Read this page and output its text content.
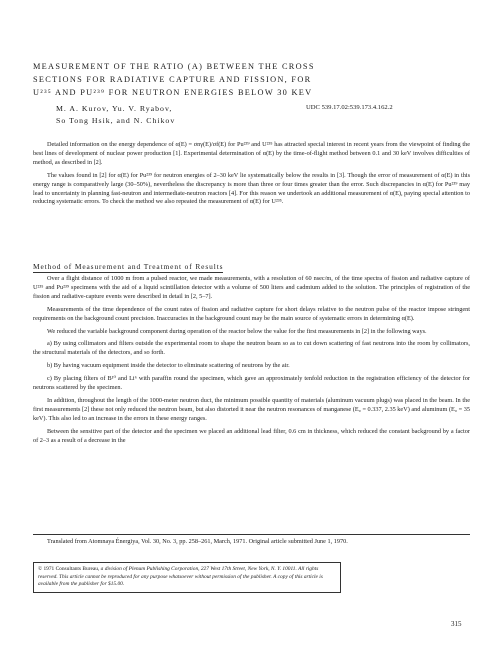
MEASUREMENT OF THE RATIO (Α) BETWEEN THE CROSS
SECTIONS FOR RADIATIVE CAPTURE AND FISSION, FOR
U²³⁵ AND PU²³⁹ FOR NEUTRON ENERGIES BELOW 30 KEV
M. A. Kurov, Yu. V. Ryabov,
So Tong Hsik, and N. Chikov
UDC 539.17.02:539.173.4.162.2

Detailed information on the energy dependence of α(E) = σnγ(E)/σf(E) for Pu²³⁹ and U²³⁵ has attracted special interest in recent years from the viewpoint of finding the best lines of development of nuclear power production [1]. Experimental determination of α(E) by the time-of-flight method between 0.1 and 30 keV involves difficulties of method, as described in [2].

The values found in [2] for α(E) for Pu²³⁹ for neutron energies of 2–30 keV lie systematically below the results in [3]. Though the error of measurement of α(E) in this energy range is comparatively large (30–50%), nevertheless the discrepancy is more than three or four times greater than the error. Such discrepancies in α(E) for Pu²³⁹ may lead to uncertainty in planning fast-neutron and intermediate-neutron reactors [4]. For this reason we undertook an additional measurement of α(E), paying special attention to reducing systematic errors. To check the method we also repeated the measurement of α(E) for U²³⁵.

Method of Measurement and Treatment of Results

Over a flight distance of 1000 m from a pulsed reactor, we made measurements, with a resolution of 60 nsec/m, of the time spectra of fission and radiative capture of U²³⁵ and Pu²³⁹ specimens with the aid of a liquid scintillation detector with a volume of 500 liters and cadmium added to the solution. The principles of registration of the fission and radiative-capture events were described in detail in [2, 5–7].

Measurements of the time dependence of the count rates of fission and radiative capture for short delays relative to the neutron pulse of the reactor impose stringent requirements on the background count precision. Inaccuracies in the background count may be the main source of systematic errors in determining α(E).

We reduced the variable background component during operation of the reactor below the value for the first measurements in [2] in the following ways.

a) By using collimators and filters outside the experimental room to shape the neutron beam so as to cut down scattering of fast neutrons into the room by collimators, the structural materials of the detectors, and so forth.

b) By having vacuum equipment inside the detector to eliminate scattering of neutrons by the air.

c) By placing filters of B¹⁰ and Li⁶ with paraffin round the specimen, which gave an approximately tenfold reduction in the registration efficiency of the detector for neutrons scattered by the specimen.

In addition, throughout the length of the 1000-meter neutron duct, the minimum possible quantity of materials (aluminum vacuum plugs) was placed in the beam. In the first measurements [2] these not only reduced the neutron beam, but also distorted it near the neutron resonances of manganese (E₀ = 0.337, 2.35 keV) and aluminum (E₀ = 35 keV). This also led to an increase in the errors in these energy ranges.

Between the sensitive part of the detector and the specimen we placed an additional lead filter, 0.6 cm in thickness, which reduced the constant background by a factor of 2–3 as a result of a decrease in the

Translated from Atomnaya Énergiya, Vol. 30, No. 3, pp. 258–261, March, 1971. Original article submitted June 1, 1970.
© 1971 Consultants Bureau, a division of Plenum Publishing Corporation, 227 West 17th Street, New York, N. Y. 10011. All rights reserved. This article cannot be reproduced for any purpose whatsoever without permission of the publisher. A copy of this article is available from the publisher for $15.00.
315
